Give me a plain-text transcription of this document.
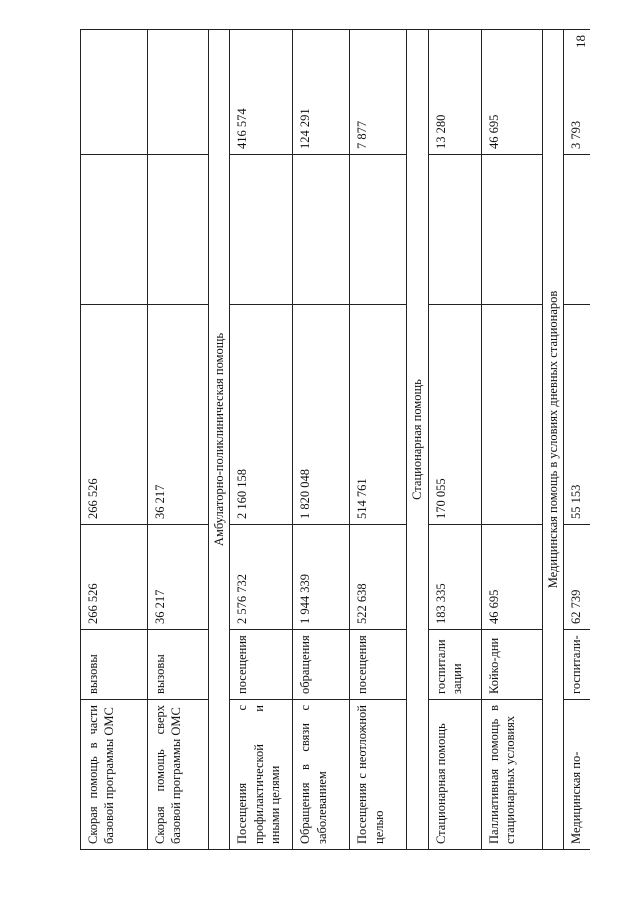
18
Скорая помощь в части базовой программы ОМС	вызовы	266 526	266 526		
Скорая помощь сверх базовой программы ОМС	вызовы	36 217	36 217		
Амбулаторно-поликлиническая помощь					
Посещения с профилактической и иными целями	посещения	2 576 732	2 160 158		416 574
Обращения в связи с заболеванием	обращения	1 944 339	1 820 048		124 291
Посещения с неотложной целью	посещения	522 638	514 761		7 877
Стационарная помощь					
Стационарная помощь	госпитализации	183 335	170 055		13 280
Паллиативная помощь в стационарных условиях	Койко-дни	46 695			46 695
Медицинская помощь в условиях дневных стационаров					
Медицинская по-	госпитали-	62 739	55 153		3 793
